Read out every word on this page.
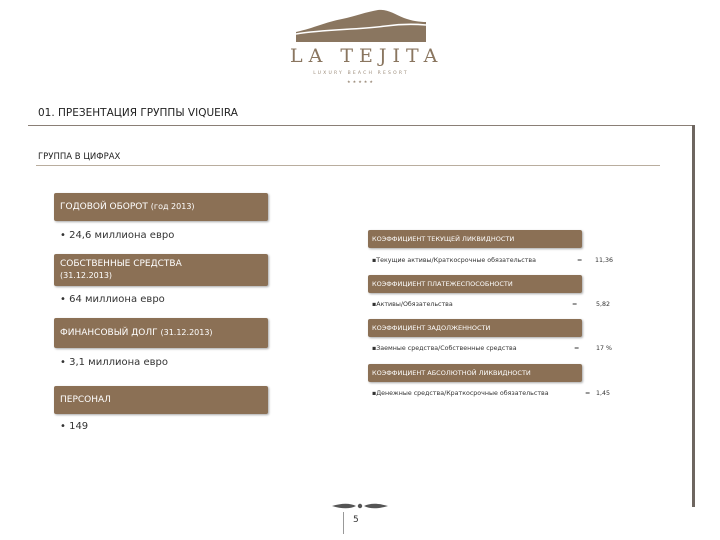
LA TEJITA
LUXURY BEACH RESORT
★★★★★
01. ПРЕЗЕНТАЦИЯ ГРУППЫ VIQUEIRA
ГРУППА В ЦИФРАХ
ГОДОВОЙ ОБОРОТ (год 2013)
• 24,6 миллиона евро
СОБСТВЕННЫЕ СРЕДСТВА
(31.12.2013)
• 64 миллиона евро
ФИНАНСОВЫЙ ДОЛГ (31.12.2013)
• 3,1 миллиона евро
ПЕРСОНАЛ
• 149
КОЭФФИЦИЕНТ ТЕКУЩЕЙ ЛИКВИДНОСТИ
▪Текущие активы/Краткосрочные обязательства	= 11,36
КОЭФФИЦИЕНТ ПЛАТЕЖЕСПОСОБНОСТИ
▪Активы/Обязательства	=	5,82
КОЭФФИЦИЕНТ ЗАДОЛЖЕННОСТИ
▪Заемные средства/Собственные средства	=	17 %
КОЭФФИЦИЕНТ АБСОЛЮТНОЙ ЛИКВИДНОСТИ
▪Денежные средства/Краткосрочные обязательства	= 1,45
5
